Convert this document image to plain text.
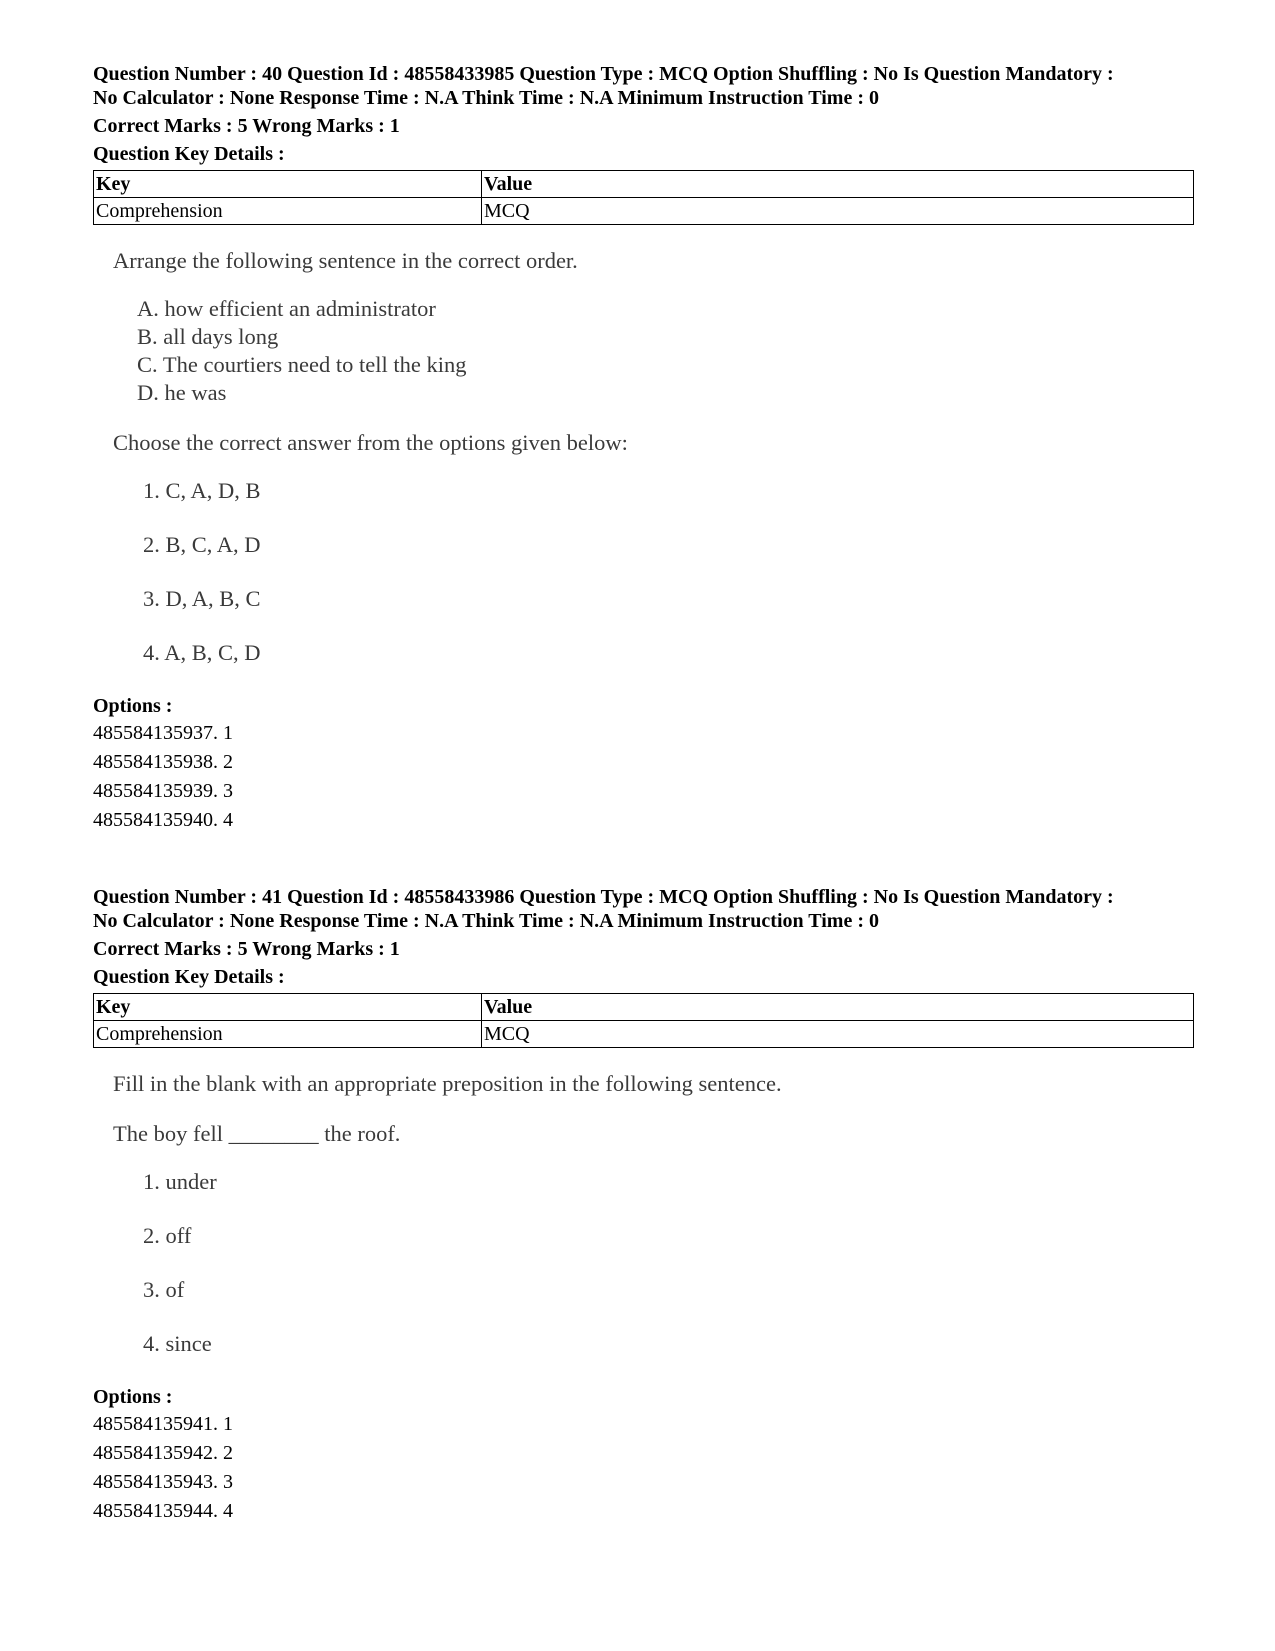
Question Number : 40 Question Id : 48558433985 Question Type : MCQ Option Shuffling : No Is Question Mandatory :
No Calculator : None Response Time : N.A Think Time : N.A Minimum Instruction Time : 0
Correct Marks : 5 Wrong Marks : 1
Question Key Details :
Key	Value
Comprehension	MCQ
Arrange the following sentence in the correct order.
A. how efficient an administrator
B. all days long
C. The courtiers need to tell the king
D. he was
Choose the correct answer from the options given below:
1. C, A, D, B
2. B, C, A, D
3. D, A, B, C
4. A, B, C, D
Options :
485584135937. 1
485584135938. 2
485584135939. 3
485584135940. 4
Question Number : 41 Question Id : 48558433986 Question Type : MCQ Option Shuffling : No Is Question Mandatory :
No Calculator : None Response Time : N.A Think Time : N.A Minimum Instruction Time : 0
Correct Marks : 5 Wrong Marks : 1
Question Key Details :
Key	Value
Comprehension	MCQ
Fill in the blank with an appropriate preposition in the following sentence.
The boy fell ________ the roof.
1. under
2. off
3. of
4. since
Options :
485584135941. 1
485584135942. 2
485584135943. 3
485584135944. 4
